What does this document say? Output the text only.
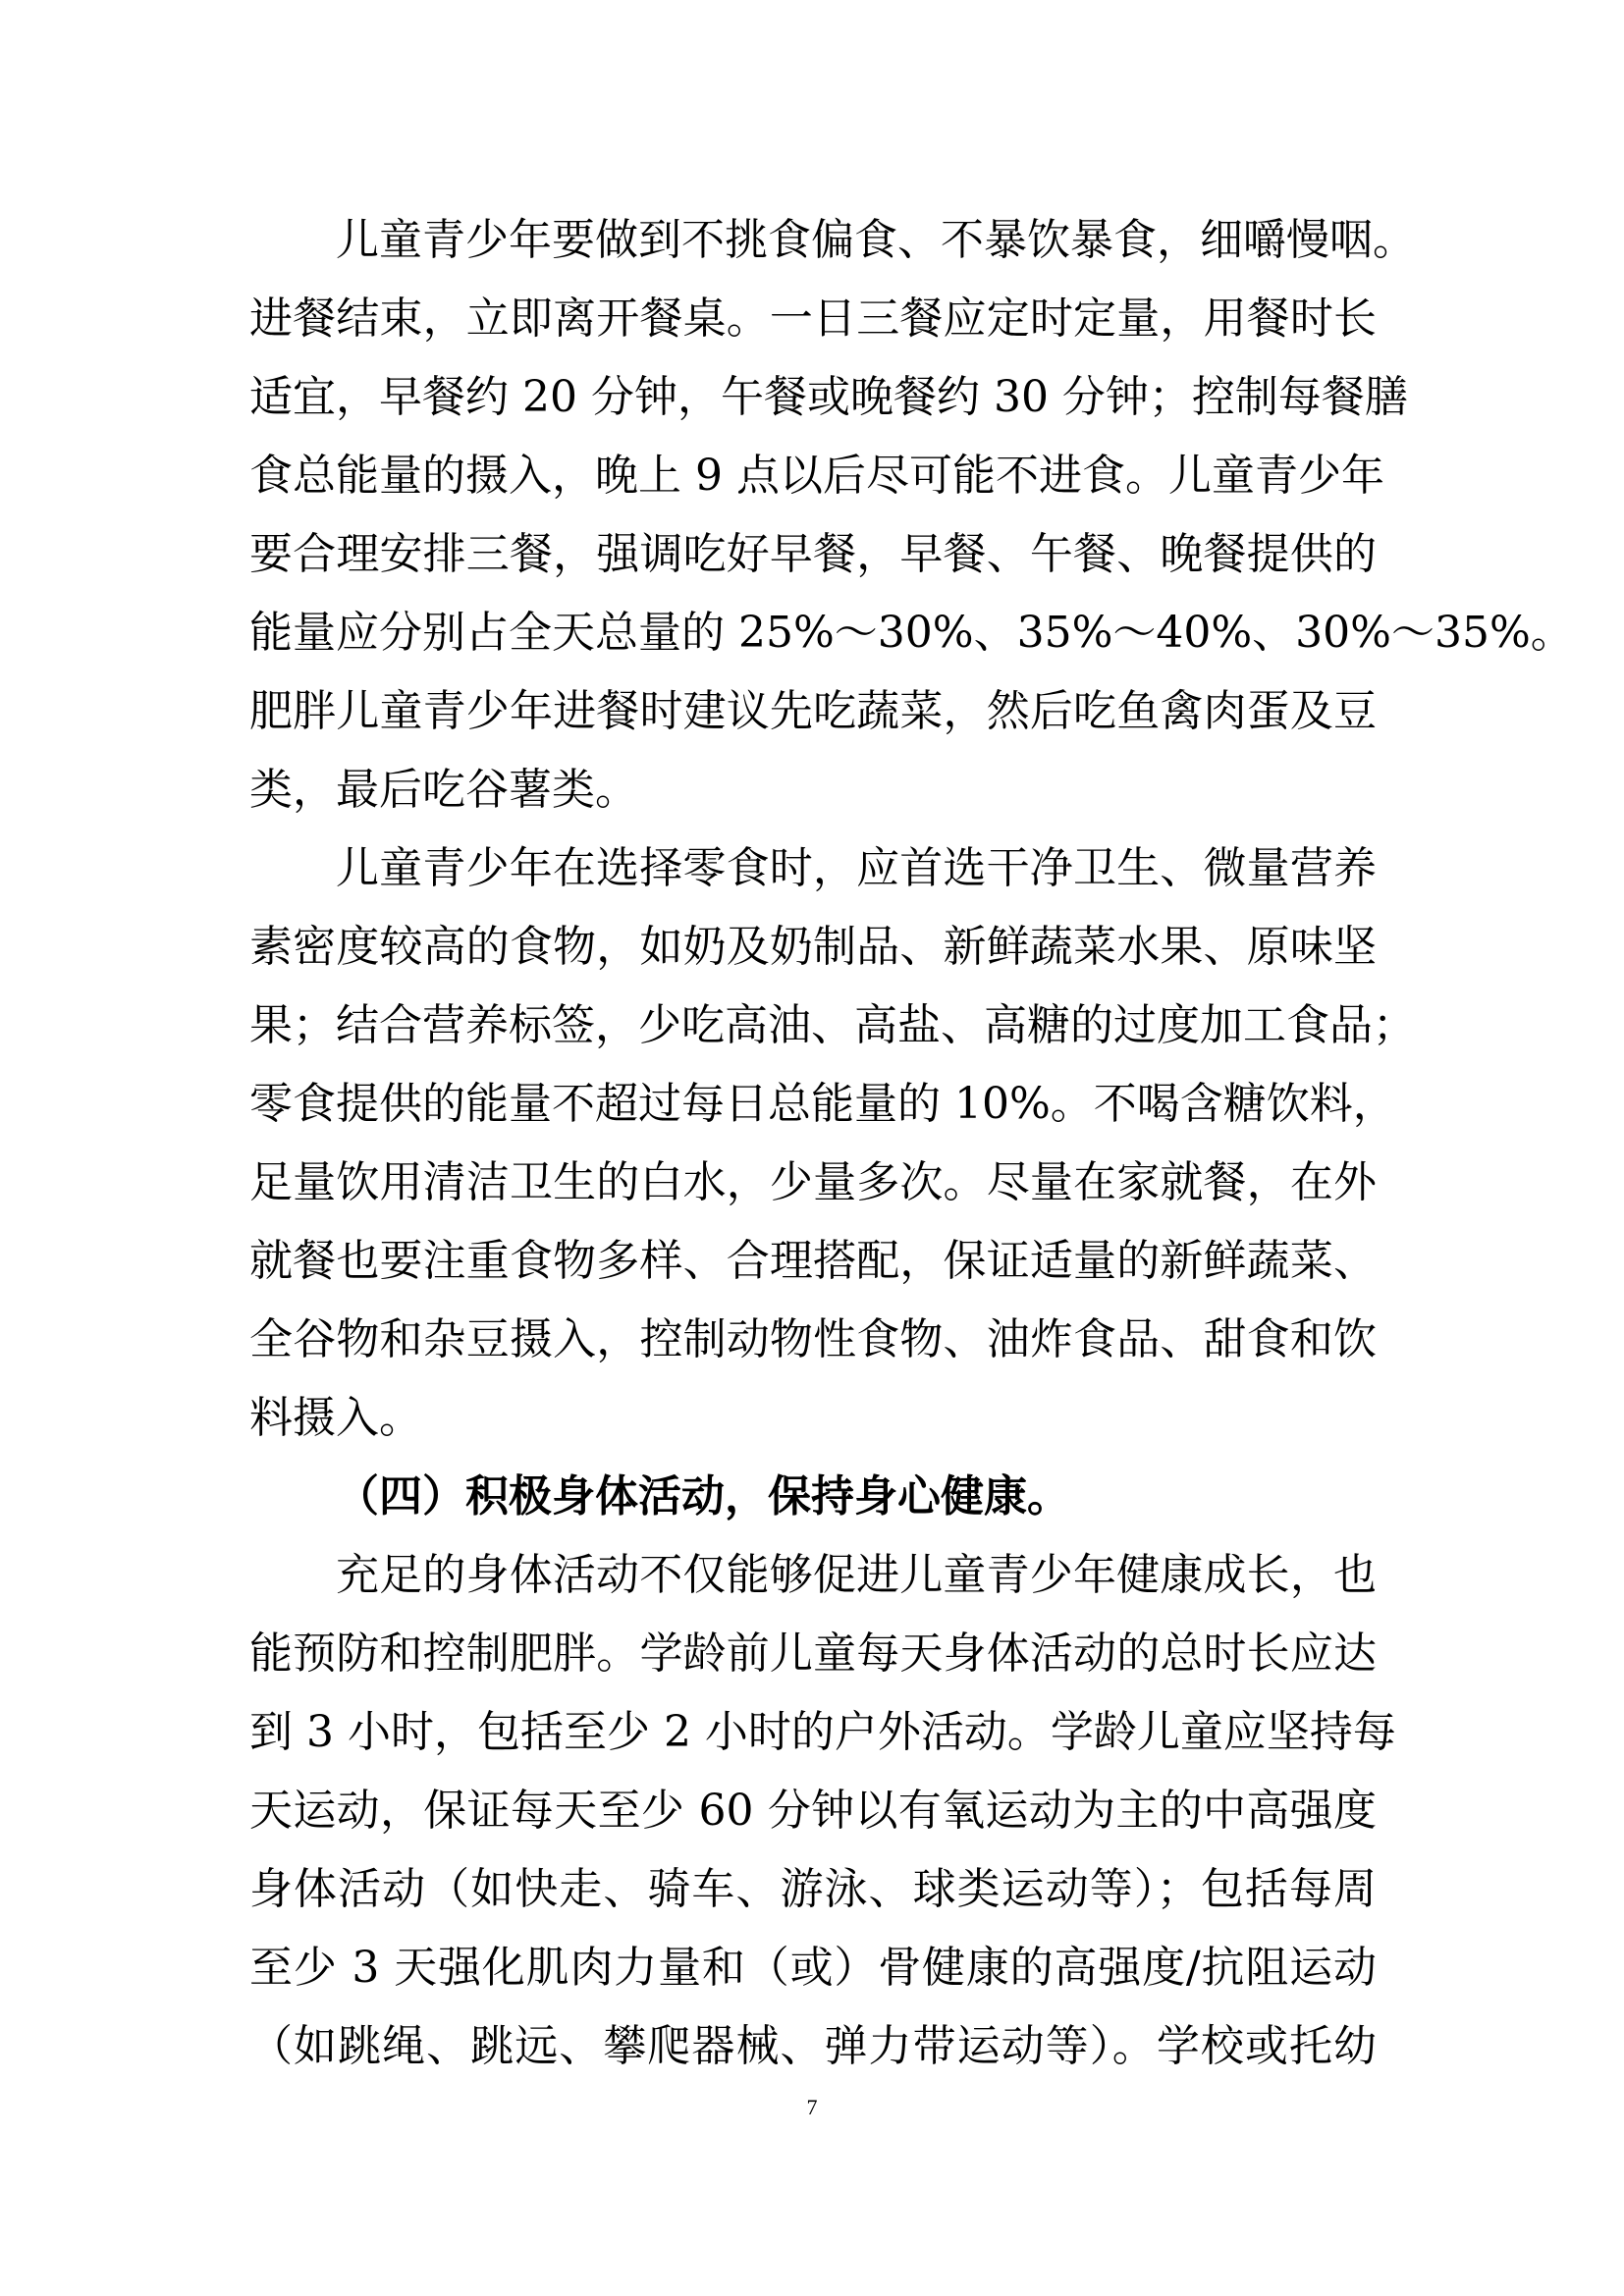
儿童青少年要做到不挑食偏食、不暴饮暴食，细嚼慢咽。
进餐结束，立即离开餐桌。一日三餐应定时定量，用餐时长
适宜，早餐约 20 分钟，午餐或晚餐约 30 分钟；控制每餐膳
食总能量的摄入，晚上 9 点以后尽可能不进食。儿童青少年
要合理安排三餐，强调吃好早餐，早餐、午餐、晚餐提供的
能量应分别占全天总量的 25%～30%、35%～40%、30%～35%。
肥胖儿童青少年进餐时建议先吃蔬菜，然后吃鱼禽肉蛋及豆
类，最后吃谷薯类。
儿童青少年在选择零食时，应首选干净卫生、微量营养
素密度较高的食物，如奶及奶制品、新鲜蔬菜水果、原味坚
果；结合营养标签，少吃高油、高盐、高糖的过度加工食品；
零食提供的能量不超过每日总能量的 10%。不喝含糖饮料，
足量饮用清洁卫生的白水，少量多次。尽量在家就餐，在外
就餐也要注重食物多样、合理搭配，保证适量的新鲜蔬菜、
全谷物和杂豆摄入，控制动物性食物、油炸食品、甜食和饮
料摄入。
（四）积极身体活动，保持身心健康。
充足的身体活动不仅能够促进儿童青少年健康成长，也
能预防和控制肥胖。学龄前儿童每天身体活动的总时长应达
到 3 小时，包括至少 2 小时的户外活动。学龄儿童应坚持每
天运动，保证每天至少 60 分钟以有氧运动为主的中高强度
身体活动（如快走、骑车、游泳、球类运动等）；包括每周
至少 3 天强化肌肉力量和（或）骨健康的高强度/抗阻运动
（如跳绳、跳远、攀爬器械、弹力带运动等）。学校或托幼
7
